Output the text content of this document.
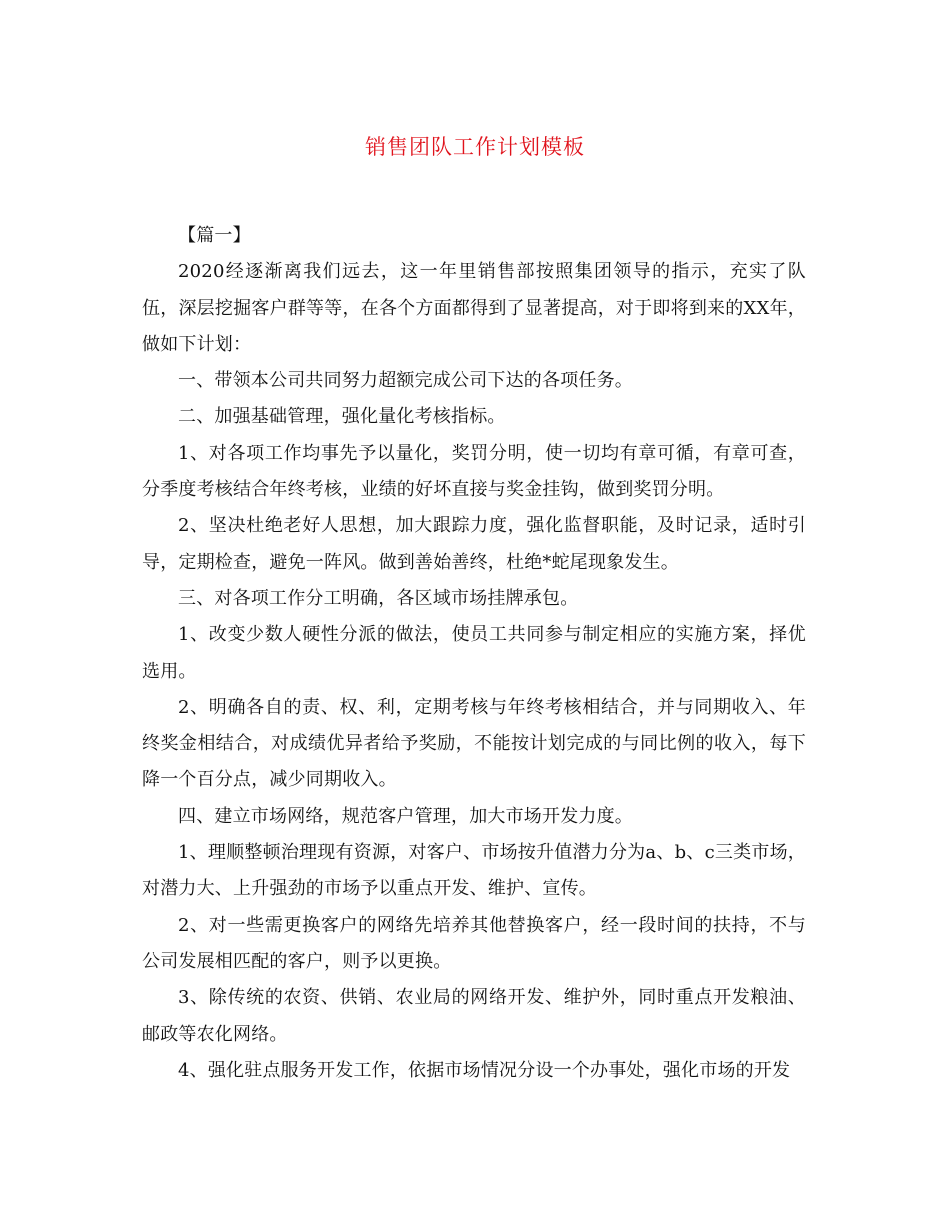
销售团队工作计划模板

【篇一】

2020经逐渐离我们远去，这一年里销售部按照集团领导的指示，充实了队伍，深层挖掘客户群等等，在各个方面都得到了显著提高，对于即将到来的XX年，做如下计划：

一、带领本公司共同努力超额完成公司下达的各项任务。

二、加强基础管理，强化量化考核指标。

1、对各项工作均事先予以量化，奖罚分明，使一切均有章可循，有章可查，分季度考核结合年终考核，业绩的好坏直接与奖金挂钩，做到奖罚分明。

2、坚决杜绝老好人思想，加大跟踪力度，强化监督职能，及时记录，适时引导，定期检查，避免一阵风。做到善始善终，杜绝*蛇尾现象发生。

三、对各项工作分工明确，各区域市场挂牌承包。

1、改变少数人硬性分派的做法，使员工共同参与制定相应的实施方案，择优选用。

2、明确各自的责、权、利，定期考核与年终考核相结合，并与同期收入、年终奖金相结合，对成绩优异者给予奖励，不能按计划完成的与同比例的收入，每下降一个百分点，减少同期收入。

四、建立市场网络，规范客户管理，加大市场开发力度。

1、理顺整顿治理现有资源，对客户、市场按升值潜力分为a、b、c三类市场，对潜力大、上升强劲的市场予以重点开发、维护、宣传。

2、对一些需更换客户的网络先培养其他替换客户，经一段时间的扶持，不与公司发展相匹配的客户，则予以更换。

3、除传统的农资、供销、农业局的网络开发、维护外，同时重点开发粮油、邮政等农化网络。

4、强化驻点服务开发工作，依据市场情况分设一个办事处，强化市场的开发
